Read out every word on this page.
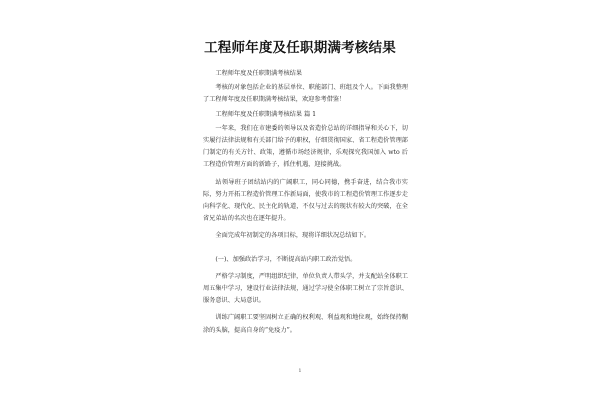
工程师年度及任职期满考核结果

工程师年度及任职期满考核结果

考核的对象包括企业的基层单位、职能部门、班组及个人。下面我整理了工程师年度及任职期满考核结果，欢迎参考借鉴！

工程师年度及任职期满考核结果 篇 1

一年来，我们在市建委的领导以及省造价总站的详细指导和关心下，切实履行法律法规和有关部门给予的职权，仔细贯彻国家、省工程造价管理部门制定的有关方针、政策，遵循市场经济规律，乐观探究我国加入 wto 后工程造价管理方面的新路子，抓住机遇，迎接挑战。

站领导班子团结站内的广阔职工，同心同德，携手奋进，结合我市实际，努力开拓工程造价管理工作新局面，使我市的工程造价管理工作逐步走向科学化、现代化、民主化的轨道，不仅与过去的现状有较大的突破，在全省兄弟站的名次也在逐年提升。

全面完成年初制定的各项目标，现将详细状况总结如下。

(一)、加强政治学习，不断提高站内职工政治觉悟。

严格学习制度，严明组织纪律，单位负责人带头学，并支配站全体职工周五集中学习，建设行业法律法规，通过学习使全体职工树立了宗旨意识、服务意识、大局意识。

训练广阔职工要坚固树立正确的权利观、利益观和地位观，始终保持糊涂的头脑，提高自身的“免疫力”。

1
